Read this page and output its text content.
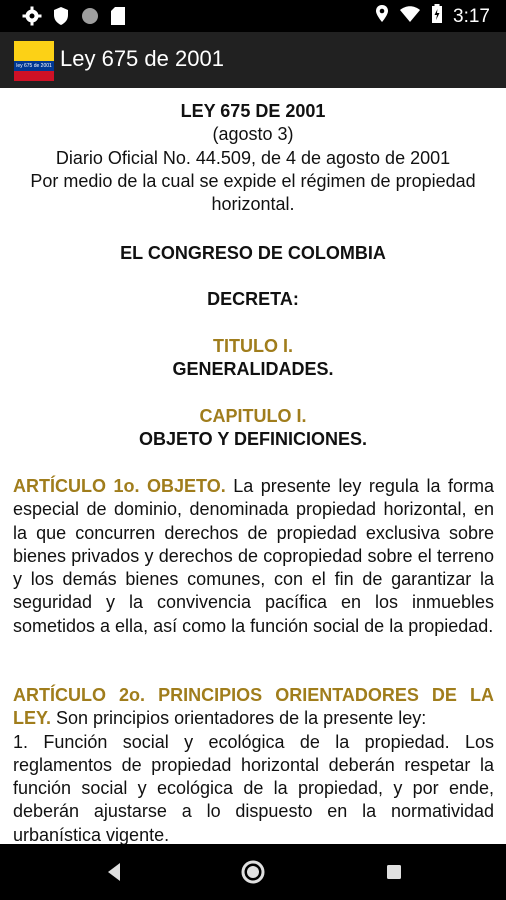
3:17
ley 675 de 2001 Ley 675 de 2001
LEY 675 DE 2001
(agosto 3)
Diario Oficial No. 44.509, de 4 de agosto de 2001
Por medio de la cual se expide el régimen de propiedad
horizontal.
EL CONGRESO DE COLOMBIA
DECRETA:
TITULO I.
GENERALIDADES.
CAPITULO I.
OBJETO Y DEFINICIONES.
ARTÍCULO 1o. OBJETO. La presente ley regula la forma especial de dominio, denominada propiedad horizontal, en la que concurren derechos de propiedad exclusiva sobre bienes privados y derechos de copropiedad sobre el terreno y los demás bienes comunes, con el fin de garantizar la seguridad y la convivencia pacífica en los inmuebles sometidos a ella, así como la función social de la propiedad.
ARTÍCULO 2o. PRINCIPIOS ORIENTADORES DE LA LEY. Son principios orientadores de la presente ley:
1. Función social y ecológica de la propiedad. Los reglamentos de propiedad horizontal deberán respetar la función social y ecológica de la propiedad, y por ende, deberán ajustarse a lo dispuesto en la normatividad urbanística vigente.
